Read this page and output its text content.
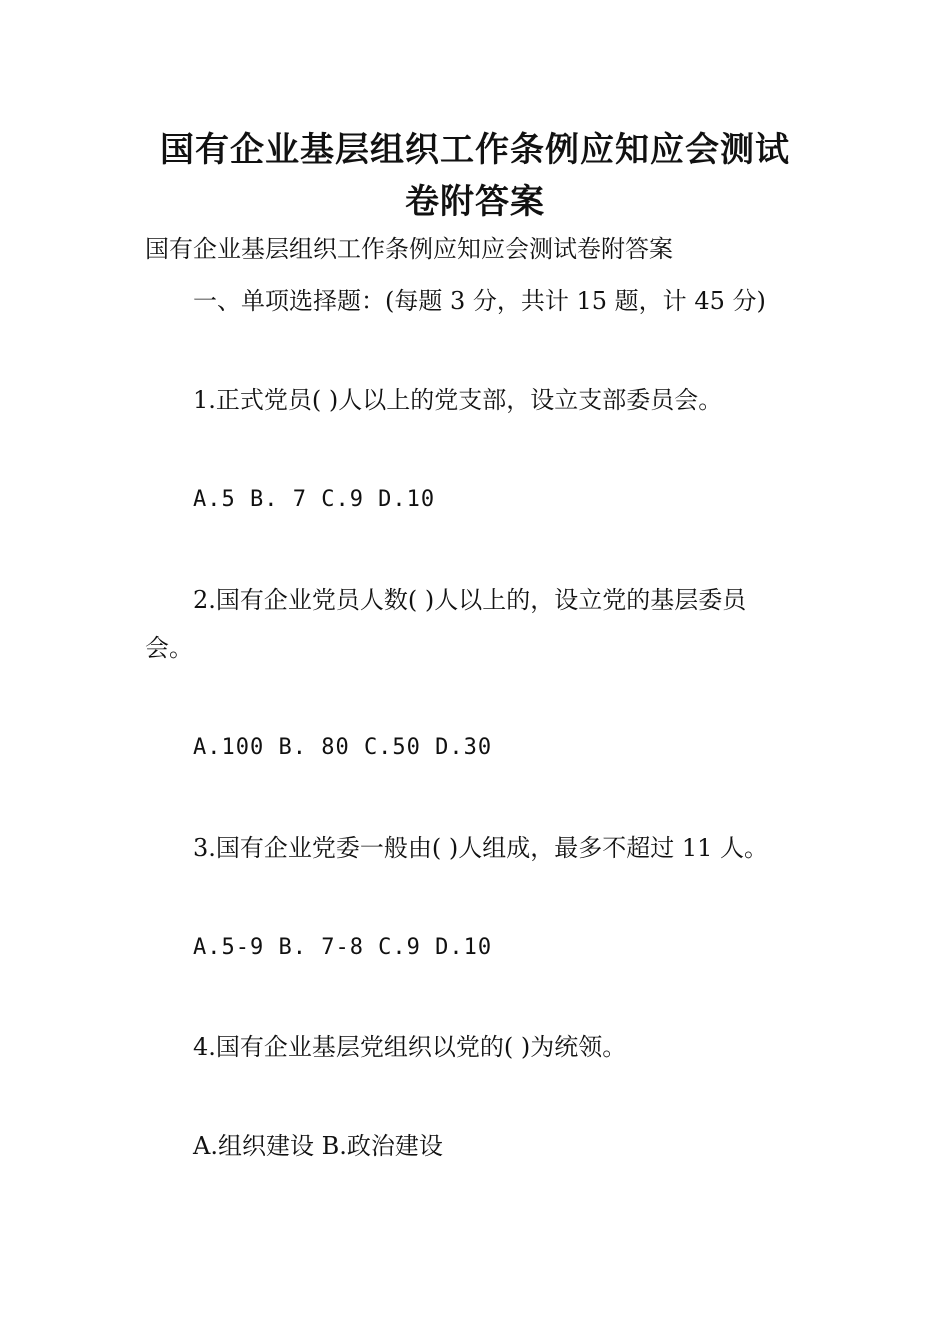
国有企业基层组织工作条例应知应会测试
卷附答案
国有企业基层组织工作条例应知应会测试卷附答案
一、单项选择题：(每题 3 分，共计 15 题，计 45 分)
1.正式党员( )人以上的党支部，设立支部委员会。
A.5 B. 7 C.9 D.10
2.国有企业党员人数( )人以上的，设立党的基层委员
会。
A.100 B. 80 C.50 D.30
3.国有企业党委一般由( )人组成，最多不超过 11 人。
A.5-9 B. 7-8 C.9 D.10
4.国有企业基层党组织以党的( )为统领。
A.组织建设 B.政治建设
